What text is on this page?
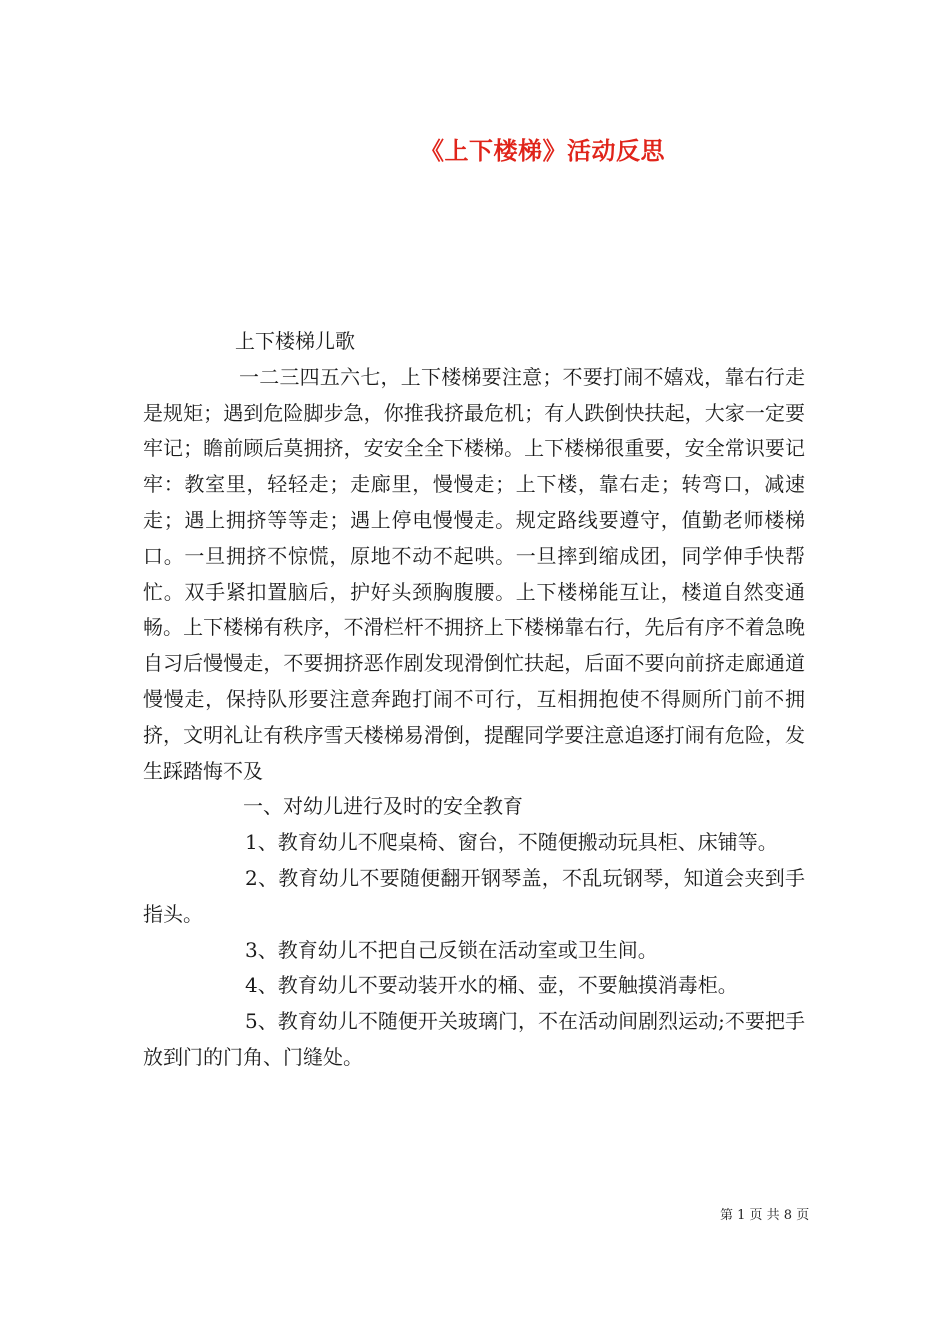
《上下楼梯》活动反思

上下楼梯儿歌

一二三四五六七，上下楼梯要注意；不要打闹不嬉戏，靠右行走是规矩；遇到危险脚步急，你推我挤最危机；有人跌倒快扶起，大家一定要牢记；瞻前顾后莫拥挤，安安全全下楼梯。上下楼梯很重要，安全常识要记牢：教室里，轻轻走；走廊里，慢慢走；上下楼，靠右走；转弯口，减速走；遇上拥挤等等走；遇上停电慢慢走。规定路线要遵守，值勤老师楼梯口。一旦拥挤不惊慌，原地不动不起哄。一旦摔到缩成团，同学伸手快帮忙。双手紧扣置脑后，护好头颈胸腹腰。上下楼梯能互让，楼道自然变通畅。上下楼梯有秩序，不滑栏杆不拥挤上下楼梯靠右行，先后有序不着急晚自习后慢慢走，不要拥挤恶作剧发现滑倒忙扶起，后面不要向前挤走廊通道慢慢走，保持队形要注意奔跑打闹不可行，互相拥抱使不得厕所门前不拥挤，文明礼让有秩序雪天楼梯易滑倒，提醒同学要注意追逐打闹有危险，发生踩踏悔不及

一、对幼儿进行及时的安全教育

1、教育幼儿不爬桌椅、窗台，不随便搬动玩具柜、床铺等。

2、教育幼儿不要随便翻开钢琴盖，不乱玩钢琴，知道会夹到手指头。

3、教育幼儿不把自己反锁在活动室或卫生间。

4、教育幼儿不要动装开水的桶、壶，不要触摸消毒柜。

5、教育幼儿不随便开关玻璃门，不在活动间剧烈运动;不要把手放到门的门角、门缝处。

第 1 页 共 8 页
